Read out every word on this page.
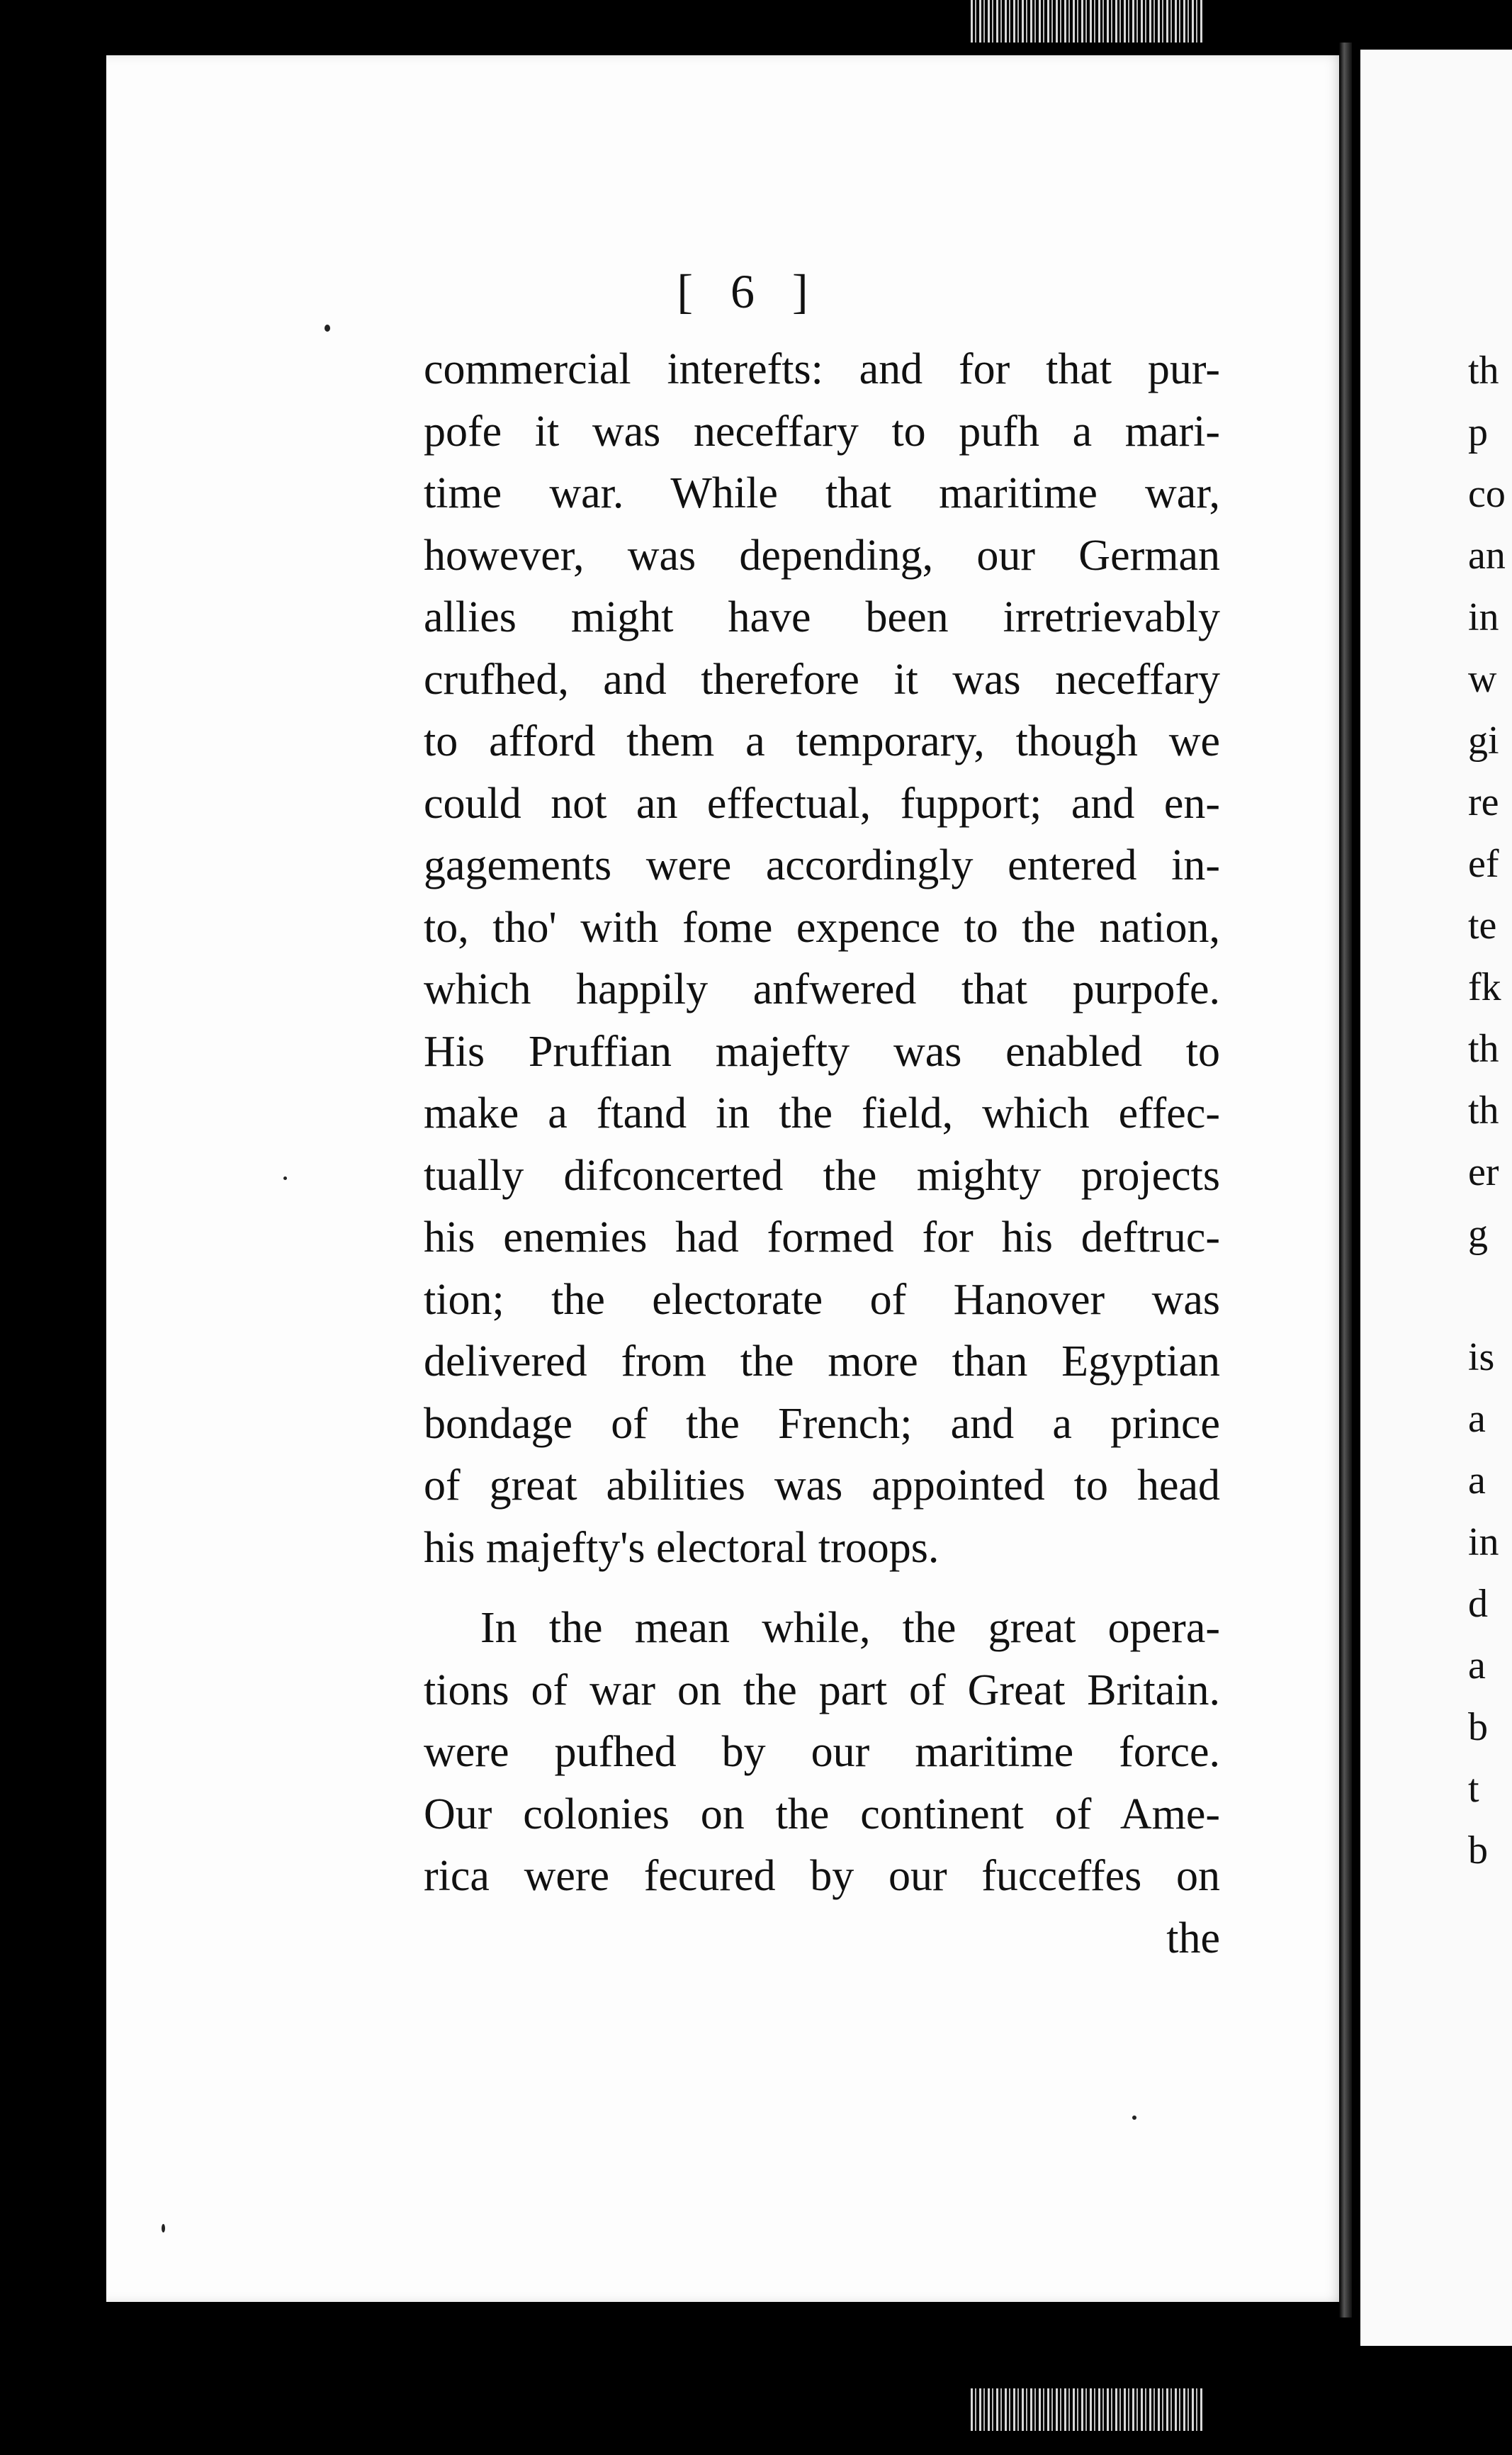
[ 6 ]
commercial interefts: and for that pur-
pofe it was neceffary to pufh a mari-
time war. While that maritime war,
however, was depending, our German
allies might have been irretrievably
crufhed, and therefore it was neceffary
to afford them a temporary, though we
could not an effectual, fupport; and en-
gagements were accordingly entered in-
to, tho' with fome expence to the nation,
which happily anfwered that purpofe.
His Pruffian majefty was enabled to
make a ftand in the field, which effec-
tually difconcerted the mighty projects
his enemies had formed for his deftruc-
tion; the electorate of Hanover was
delivered from the more than Egyptian
bondage of the French; and a prince
of great abilities was appointed to head
his majefty's electoral troops.
In the mean while, the great opera-
tions of war on the part of Great Britain.
were pufhed by our maritime force.
Our colonies on the continent of Ame-
rica were fecured by our fucceffes on
the
th
p
co
an
in
w
gi
re
ef
te
fk
th
th
er
g

is
a
a
in
d
a
b
t
b
